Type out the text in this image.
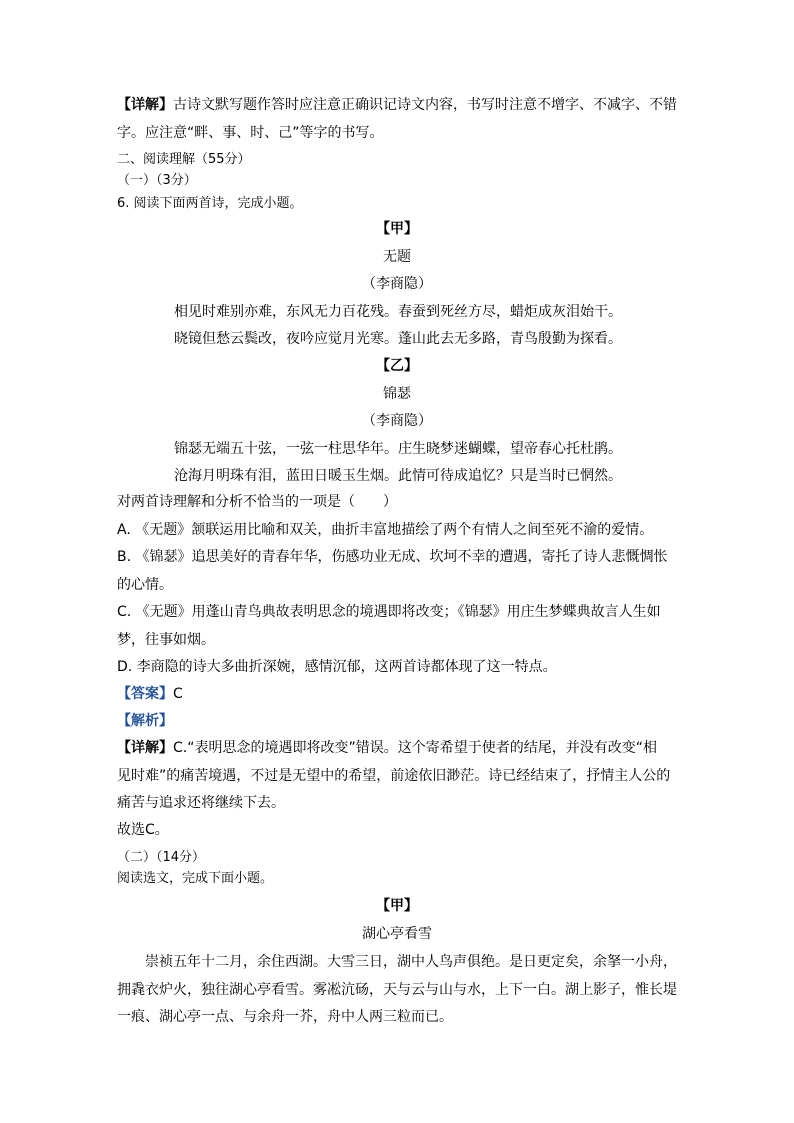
【详解】古诗文默写题作答时应注意正确识记诗文内容，书写时注意不增字、不减字、不错
字。应注意“畔、事、时、己”等字的书写。
二、阅读理解（55分）
（一）（3分）
6. 阅读下面两首诗，完成小题。
【甲】
无题
（李商隐）
相见时难别亦难，东风无力百花残。春蚕到死丝方尽，蜡炬成灰泪始干。
晓镜但愁云鬓改，夜吟应觉月光寒。蓬山此去无多路，青鸟殷勤为探看。
【乙】
锦瑟
（李商隐）
锦瑟无端五十弦，一弦一柱思华年。庄生晓梦迷蝴蝶，望帝春心托杜鹃。
沧海月明珠有泪，蓝田日暖玉生烟。此情可待成追忆？只是当时已惘然。
对两首诗理解和分析不恰当的一项是（　　）
A. 《无题》颔联运用比喻和双关，曲折丰富地描绘了两个有情人之间至死不渝的爱情。
B. 《锦瑟》追思美好的青春年华，伤感功业无成、坎坷不幸的遭遇，寄托了诗人悲慨惆怅
的心情。
C. 《无题》用蓬山青鸟典故表明思念的境遇即将改变；《锦瑟》用庄生梦蝶典故言人生如
梦，往事如烟。
D. 李商隐的诗大多曲折深婉，感情沉郁，这两首诗都体现了这一特点。
【答案】C
【解析】
【详解】C.“表明思念的境遇即将改变”错误。这个寄希望于使者的结尾，并没有改变“相
见时难”的痛苦境遇，不过是无望中的希望，前途依旧渺茫。诗已经结束了，抒情主人公的
痛苦与追求还将继续下去。
故选C。
（二）（14分）
阅读选文，完成下面小题。
【甲】
湖心亭看雪
崇祯五年十二月，余住西湖。大雪三日，湖中人鸟声俱绝。是日更定矣，余拏一小舟，
拥毳衣炉火，独往湖心亭看雪。雾凇沆砀，天与云与山与水，上下一白。湖上影子，惟长堤
一痕、湖心亭一点、与余舟一芥，舟中人两三粒而已。
